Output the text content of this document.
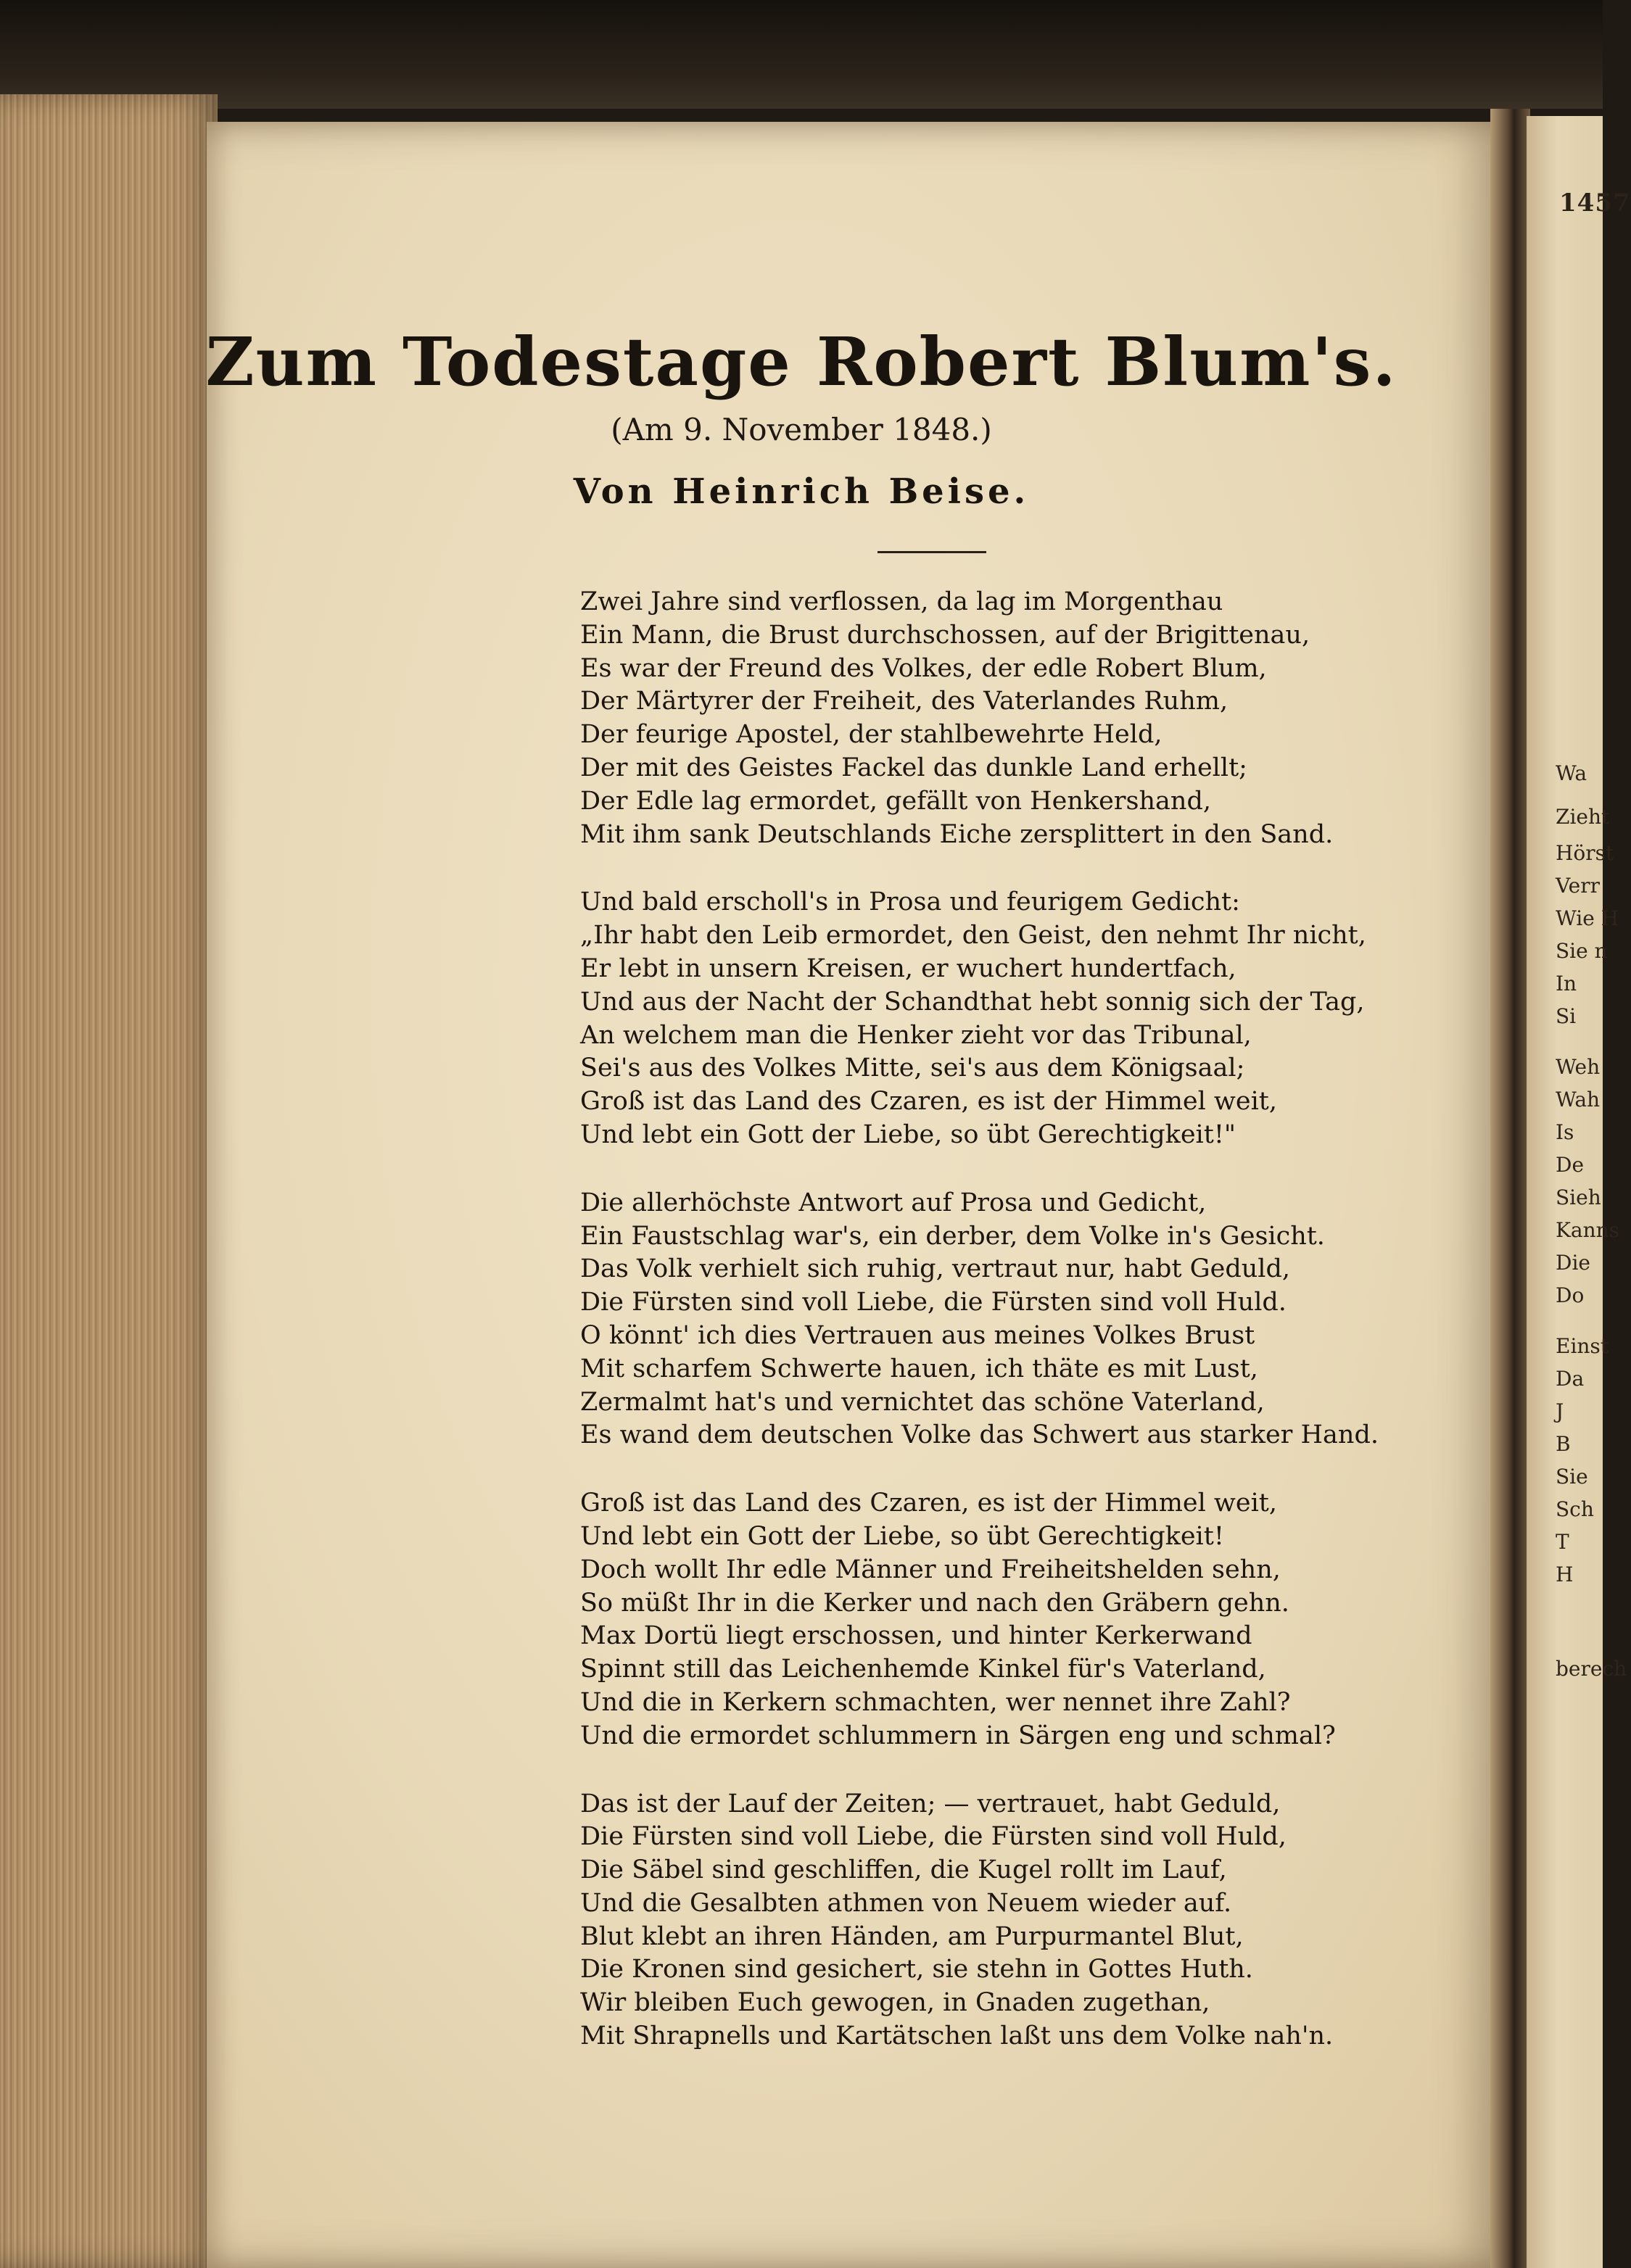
1457
Wa
Zieht
Hörst
Verr
Wie H
Sie n
In
Si
Weh
Wah
Is
De
Sieh
Kanns
Die
Do
Einst
Da
J
B
Sie
Sch
T
H
berech
Zum Todestage Robert Blum's.
(Am 9. November 1848.)
Von Heinrich Beise.
Zwei Jahre sind verflossen, da lag im Morgenthau
Ein Mann, die Brust durchschossen, auf der Brigittenau,
Es war der Freund des Volkes, der edle Robert Blum,
Der Märtyrer der Freiheit, des Vaterlandes Ruhm,
Der feurige Apostel, der stahlbewehrte Held,
Der mit des Geistes Fackel das dunkle Land erhellt;
Der Edle lag ermordet, gefällt von Henkershand,
Mit ihm sank Deutschlands Eiche zersplittert in den Sand.
Und bald erscholl's in Prosa und feurigem Gedicht:
„Ihr habt den Leib ermordet, den Geist, den nehmt Ihr nicht,
Er lebt in unsern Kreisen, er wuchert hundertfach,
Und aus der Nacht der Schandthat hebt sonnig sich der Tag,
An welchem man die Henker zieht vor das Tribunal,
Sei's aus des Volkes Mitte, sei's aus dem Königsaal;
Groß ist das Land des Czaren, es ist der Himmel weit,
Und lebt ein Gott der Liebe, so übt Gerechtigkeit!"
Die allerhöchste Antwort auf Prosa und Gedicht,
Ein Faustschlag war's, ein derber, dem Volke in's Gesicht.
Das Volk verhielt sich ruhig, vertraut nur, habt Geduld,
Die Fürsten sind voll Liebe, die Fürsten sind voll Huld.
O könnt' ich dies Vertrauen aus meines Volkes Brust
Mit scharfem Schwerte hauen, ich thäte es mit Lust,
Zermalmt hat's und vernichtet das schöne Vaterland,
Es wand dem deutschen Volke das Schwert aus starker Hand.
Groß ist das Land des Czaren, es ist der Himmel weit,
Und lebt ein Gott der Liebe, so übt Gerechtigkeit!
Doch wollt Ihr edle Männer und Freiheitshelden sehn,
So müßt Ihr in die Kerker und nach den Gräbern gehn.
Max Dortü liegt erschossen, und hinter Kerkerwand
Spinnt still das Leichenhemde Kinkel für's Vaterland,
Und die in Kerkern schmachten, wer nennet ihre Zahl?
Und die ermordet schlummern in Särgen eng und schmal?
Das ist der Lauf der Zeiten; — vertrauet, habt Geduld,
Die Fürsten sind voll Liebe, die Fürsten sind voll Huld,
Die Säbel sind geschliffen, die Kugel rollt im Lauf,
Und die Gesalbten athmen von Neuem wieder auf.
Blut klebt an ihren Händen, am Purpurmantel Blut,
Die Kronen sind gesichert, sie stehn in Gottes Huth.
Wir bleiben Euch gewogen, in Gnaden zugethan,
Mit Shrapnells und Kartätschen laßt uns dem Volke nah'n.
